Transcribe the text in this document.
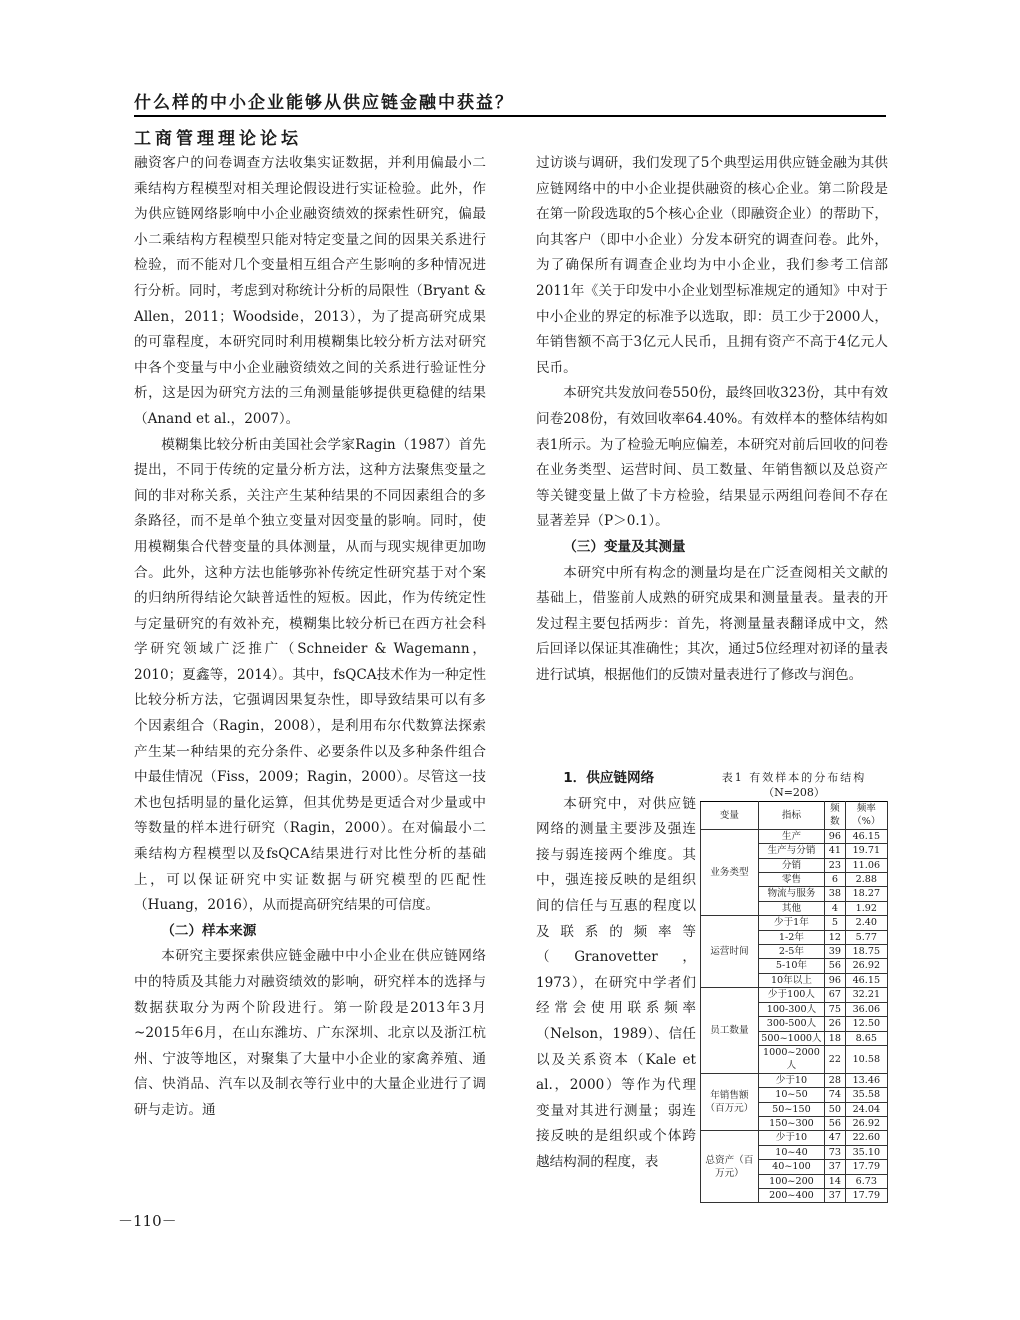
什么样的中小企业能够从供应链金融中获益？
工商管理理论论坛

融资客户的问卷调查方法收集实证数据，并利用偏最小二乘结构方程模型对相关理论假设进行实证检验。此外，作为供应链网络影响中小企业融资绩效的探索性研究，偏最小二乘结构方程模型只能对特定变量之间的因果关系进行检验，而不能对几个变量相互组合产生影响的多种情况进行分析。同时，考虑到对称统计分析的局限性（Bryant & Allen，2011；Woodside，2013），为了提高研究成果的可靠程度，本研究同时利用模糊集比较分析方法对研究中各个变量与中小企业融资绩效之间的关系进行验证性分析，这是因为研究方法的三角测量能够提供更稳健的结果（Anand et al.，2007）。

模糊集比较分析由美国社会学家Ragin（1987）首先提出，不同于传统的定量分析方法，这种方法聚焦变量之间的非对称关系，关注产生某种结果的不同因素组合的多条路径，而不是单个独立变量对因变量的影响。同时，使用模糊集合代替变量的具体测量，从而与现实规律更加吻合。此外，这种方法也能够弥补传统定性研究基于对个案的归纳所得结论欠缺普适性的短板。因此，作为传统定性与定量研究的有效补充，模糊集比较分析已在西方社会科学研究领域广泛推广（Schneider & Wagemann，2010；夏鑫等，2014）。其中，fsQCA技术作为一种定性比较分析方法，它强调因果复杂性，即导致结果可以有多个因素组合（Ragin，2008），是利用布尔代数算法探索产生某一种结果的充分条件、必要条件以及多种条件组合中最佳情况（Fiss，2009；Ragin，2000）。尽管这一技术也包括明显的量化运算，但其优势是更适合对少量或中等数量的样本进行研究（Ragin，2000）。在对偏最小二乘结构方程模型以及fsQCA结果进行对比性分析的基础上，可以保证研究中实证数据与研究模型的匹配性（Huang，2016），从而提高研究结果的可信度。

（二）样本来源

本研究主要探索供应链金融中中小企业在供应链网络中的特质及其能力对融资绩效的影响，研究样本的选择与数据获取分为两个阶段进行。第一阶段是2013年3月~2015年6月，在山东潍坊、广东深圳、北京以及浙江杭州、宁波等地区，对聚集了大量中小企业的家禽养殖、通信、快消品、汽车以及制衣等行业中的大量企业进行了调研与走访。通

过访谈与调研，我们发现了5个典型运用供应链金融为其供应链网络中的中小企业提供融资的核心企业。第二阶段是在第一阶段选取的5个核心企业（即融资企业）的帮助下，向其客户（即中小企业）分发本研究的调查问卷。此外，为了确保所有调查企业均为中小企业，我们参考工信部2011年《关于印发中小企业划型标准规定的通知》中对于中小企业的界定的标准予以选取，即：员工少于2000人，年销售额不高于3亿元人民币，且拥有资产不高于4亿元人民币。

本研究共发放问卷550份，最终回收323份，其中有效问卷208份，有效回收率64.40%。有效样本的整体结构如表1所示。为了检验无响应偏差，本研究对前后回收的问卷在业务类型、运营时间、员工数量、年销售额以及总资产等关键变量上做了卡方检验，结果显示两组问卷间不存在显著差异（P＞0.1）。

（三）变量及其测量

本研究中所有构念的测量均是在广泛查阅相关文献的基础上，借鉴前人成熟的研究成果和测量量表。量表的开发过程主要包括两步：首先，将测量量表翻译成中文，然后回译以保证其准确性；其次，通过5位经理对初译的量表进行试填，根据他们的反馈对量表进行了修改与润色。

1．供应链网络

本研究中，对供应链网络的测量主要涉及强连接与弱连接两个维度。其中，强连接反映的是组织间的信任与互惠的程度以及联系的频率等（Granovetter，1973），在研究中学者们经常会使用联系频率（Nelson，1989）、信任以及关系资本（Kale et al.，2000）等作为代理变量对其进行测量；弱连接反映的是组织或个体跨越结构洞的程度，表

表1 有效样本的分布结构
（N=208）
变量	指标	频数	频率（%）
业务类型	生产	96	46.15
	生产与分销	41	19.71
	分销	23	11.06
	零售	6	2.88
	物流与服务	38	18.27
	其他	4	1.92
运营时间	少于1年	5	2.40
	1-2年	12	5.77
	2-5年	39	18.75
	5-10年	56	26.92
	10年以上	96	46.15
员工数量	少于100人	67	32.21
	100-300人	75	36.06
	300-500人	26	12.50
	500~1000人	18	8.65
	1000~2000人	22	10.58
年销售额（百万元）	少于10	28	13.46
	10~50	74	35.58
	50~150	50	24.04
	150~300	56	26.92
总资产（百万元）	少于10	47	22.60
	10~40	73	35.10
	40~100	37	17.79
	100~200	14	6.73
	200~400	37	17.79
－110－
